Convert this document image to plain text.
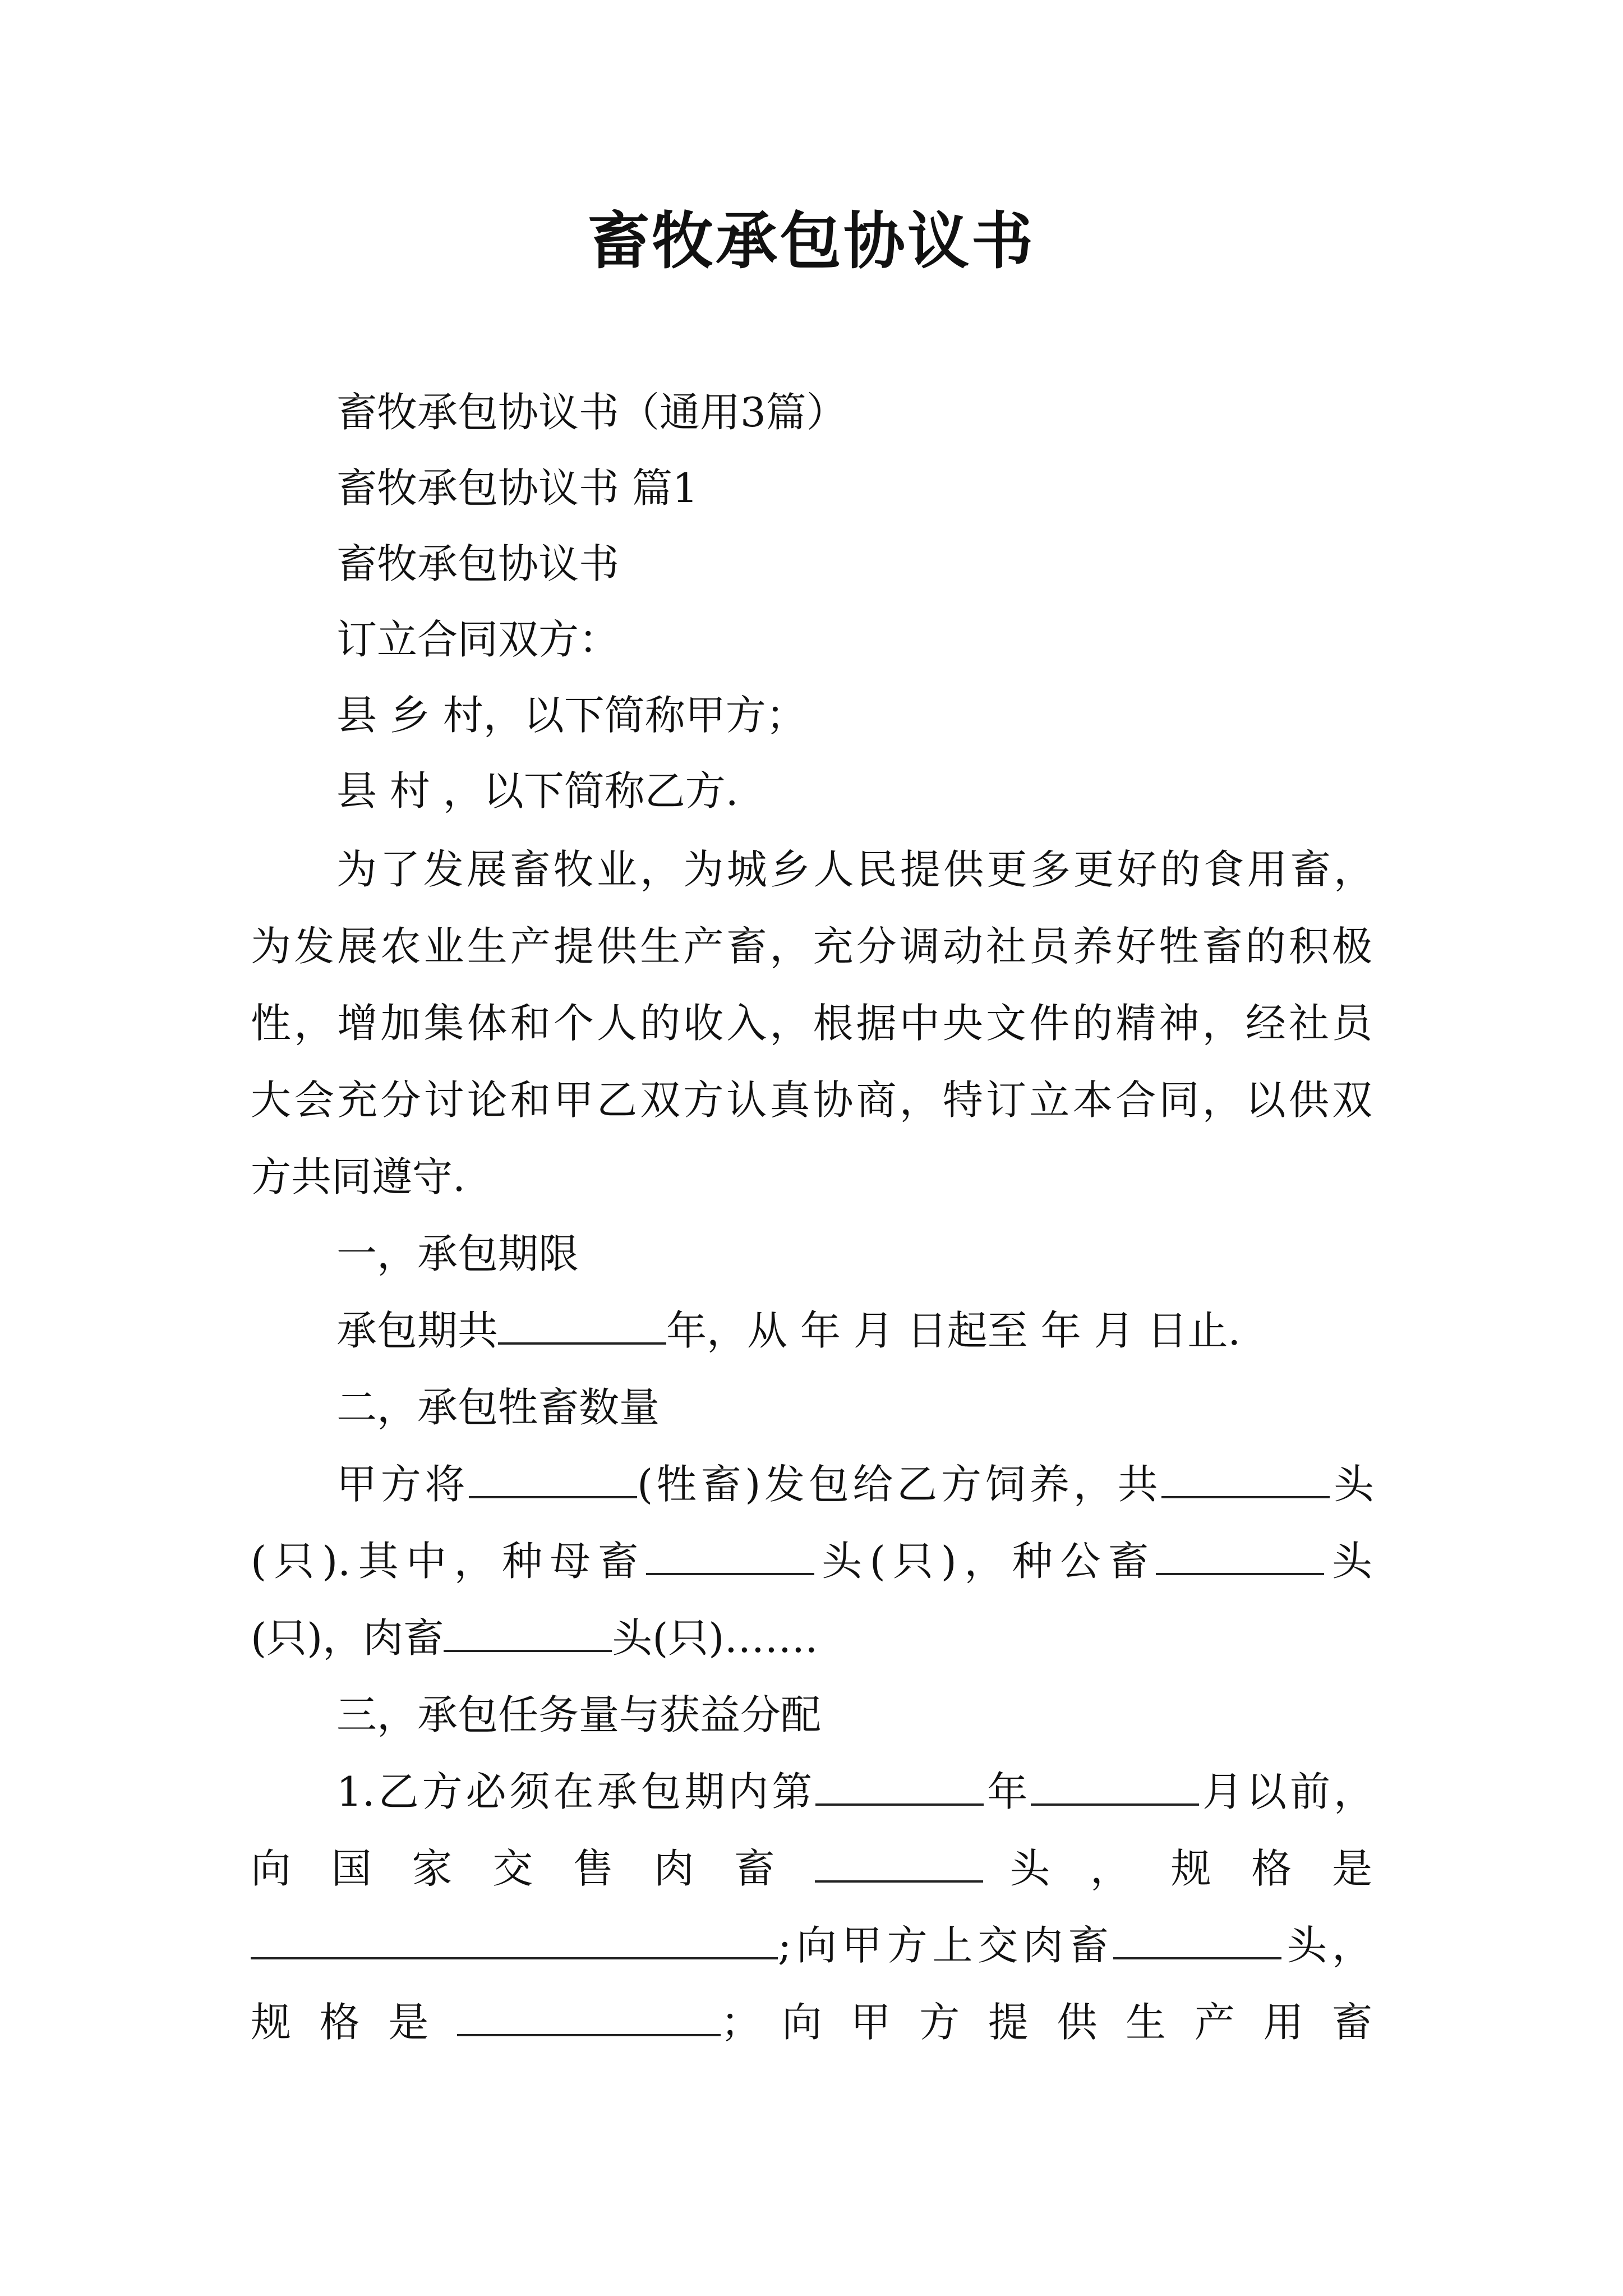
畜牧承包协议书
畜牧承包协议书（通用3篇）
畜牧承包协议书 篇1
畜牧承包协议书
订立合同双方：
县 乡 村，以下简称甲方；
县 村 ，以下简称乙方.
为了发展畜牧业，为城乡人民提供更多更好的食用畜，
为发展农业生产提供生产畜，充分调动社员养好牲畜的积极
性，增加集体和个人的收入，根据中央文件的精神，经社员
大会充分讨论和甲乙双方认真协商，特订立本合同，以供双
方共同遵守.
一，承包期限
承包期共	年，从 年 月 日起至 年 月 日止.
二，承包牲畜数量
甲方将	(牲畜)发包给乙方饲养，共	头
(只).其中，种母畜	头(只)，种公畜	头
(只)，肉畜	头(只)…….
三，承包任务量与获益分配
1.乙方必须在承包期内第	年	月以前，
向 国 家 交 售 肉 畜	头 ， 规 格 是
;向甲方上交肉畜	头，
规 格 是	； 向 甲 方 提 供 生 产 用 畜
